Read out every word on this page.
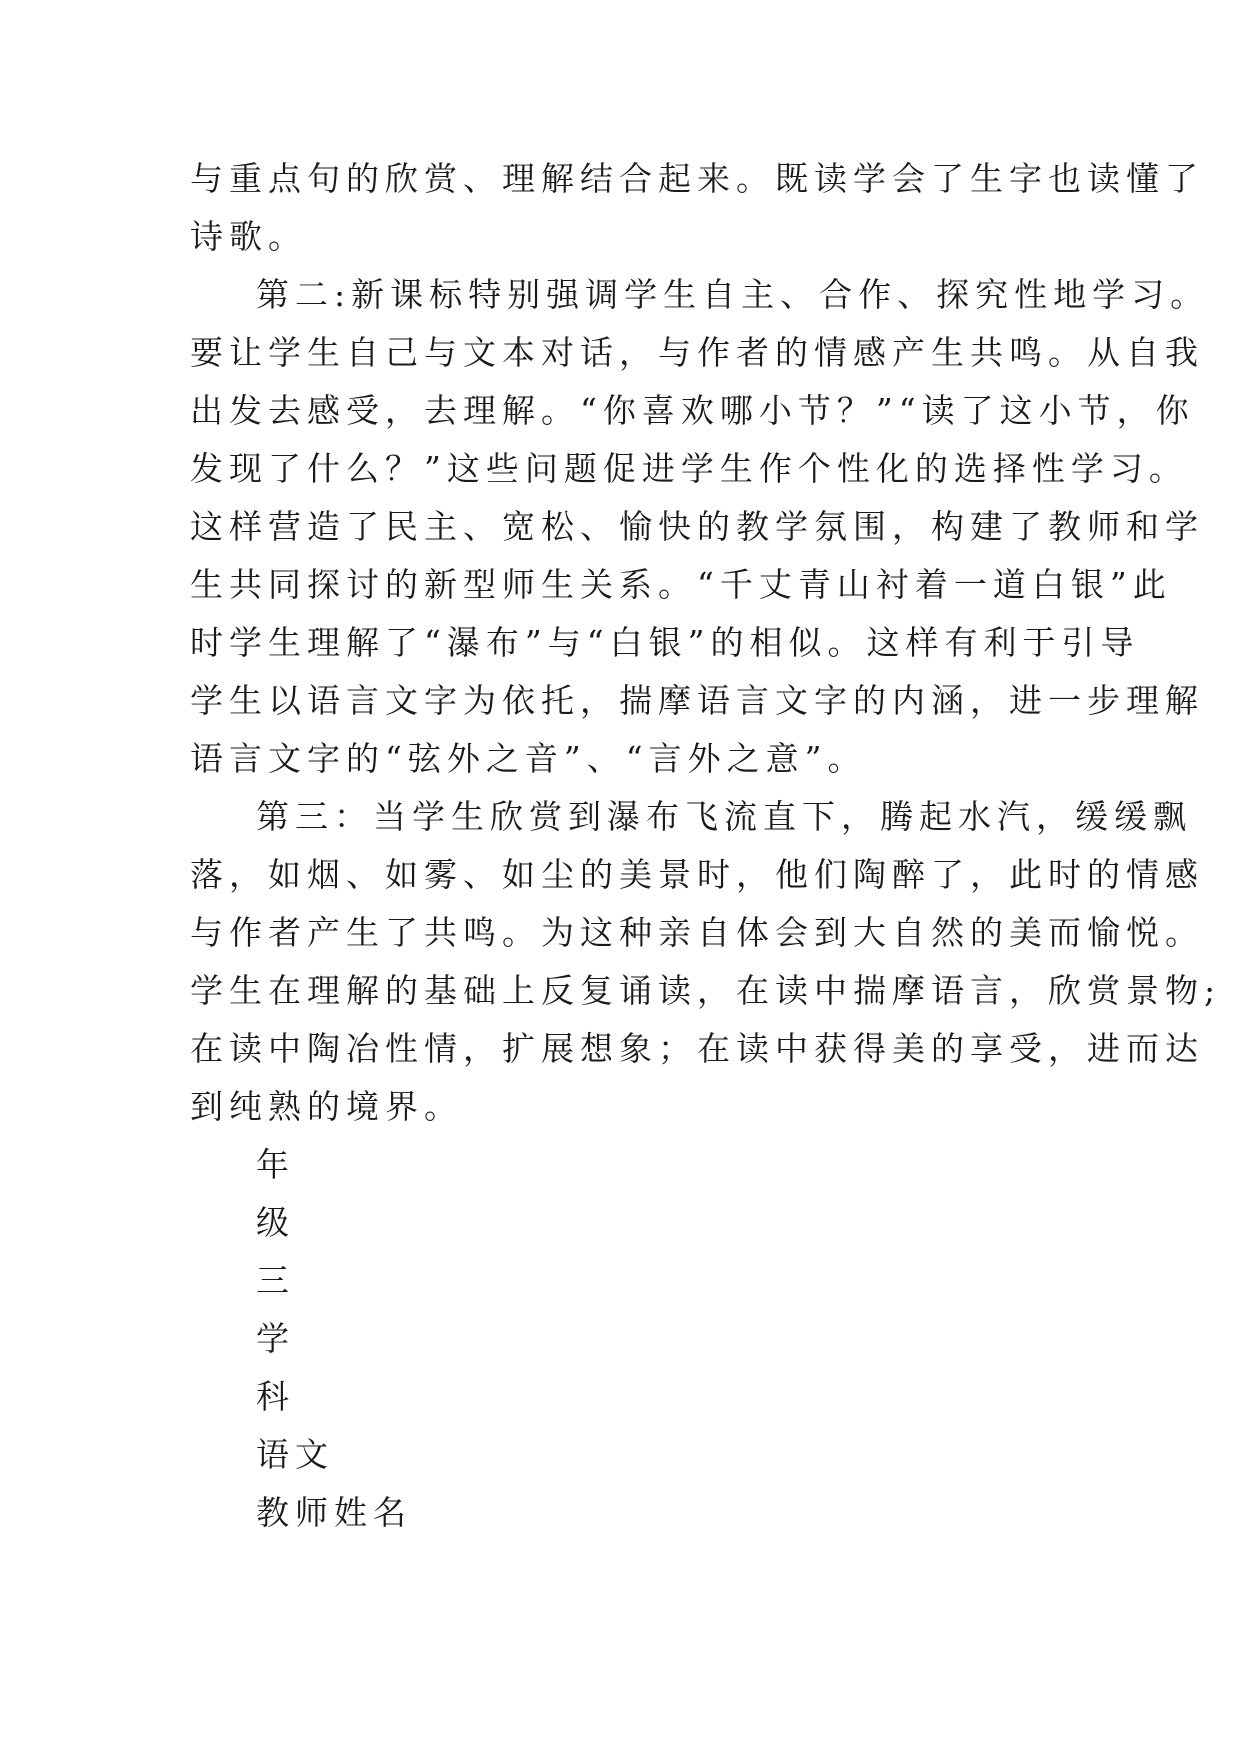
与重点句的欣赏、理解结合起来。既读学会了生字也读懂了
诗歌。
第二:新课标特别强调学生自主、合作、探究性地学习。
要让学生自己与文本对话，与作者的情感产生共鸣。从自我
出发去感受，去理解。“你喜欢哪小节？”“读了这小节，你
发现了什么？”这些问题促进学生作个性化的选择性学习。
这样营造了民主、宽松、愉快的教学氛围，构建了教师和学
生共同探讨的新型师生关系。“千丈青山衬着一道白银”此
时学生理解了“瀑布”与“白银”的相似。这样有利于引导
学生以语言文字为依托，揣摩语言文字的内涵，进一步理解
语言文字的“弦外之音”、“言外之意”。
第三：当学生欣赏到瀑布飞流直下，腾起水汽，缓缓飘
落，如烟、如雾、如尘的美景时，他们陶醉了，此时的情感
与作者产生了共鸣。为这种亲自体会到大自然的美而愉悦。
学生在理解的基础上反复诵读，在读中揣摩语言，欣赏景物;
在读中陶冶性情，扩展想象；在读中获得美的享受，进而达
到纯熟的境界。
年
级
三
学
科
语文
教师姓名
